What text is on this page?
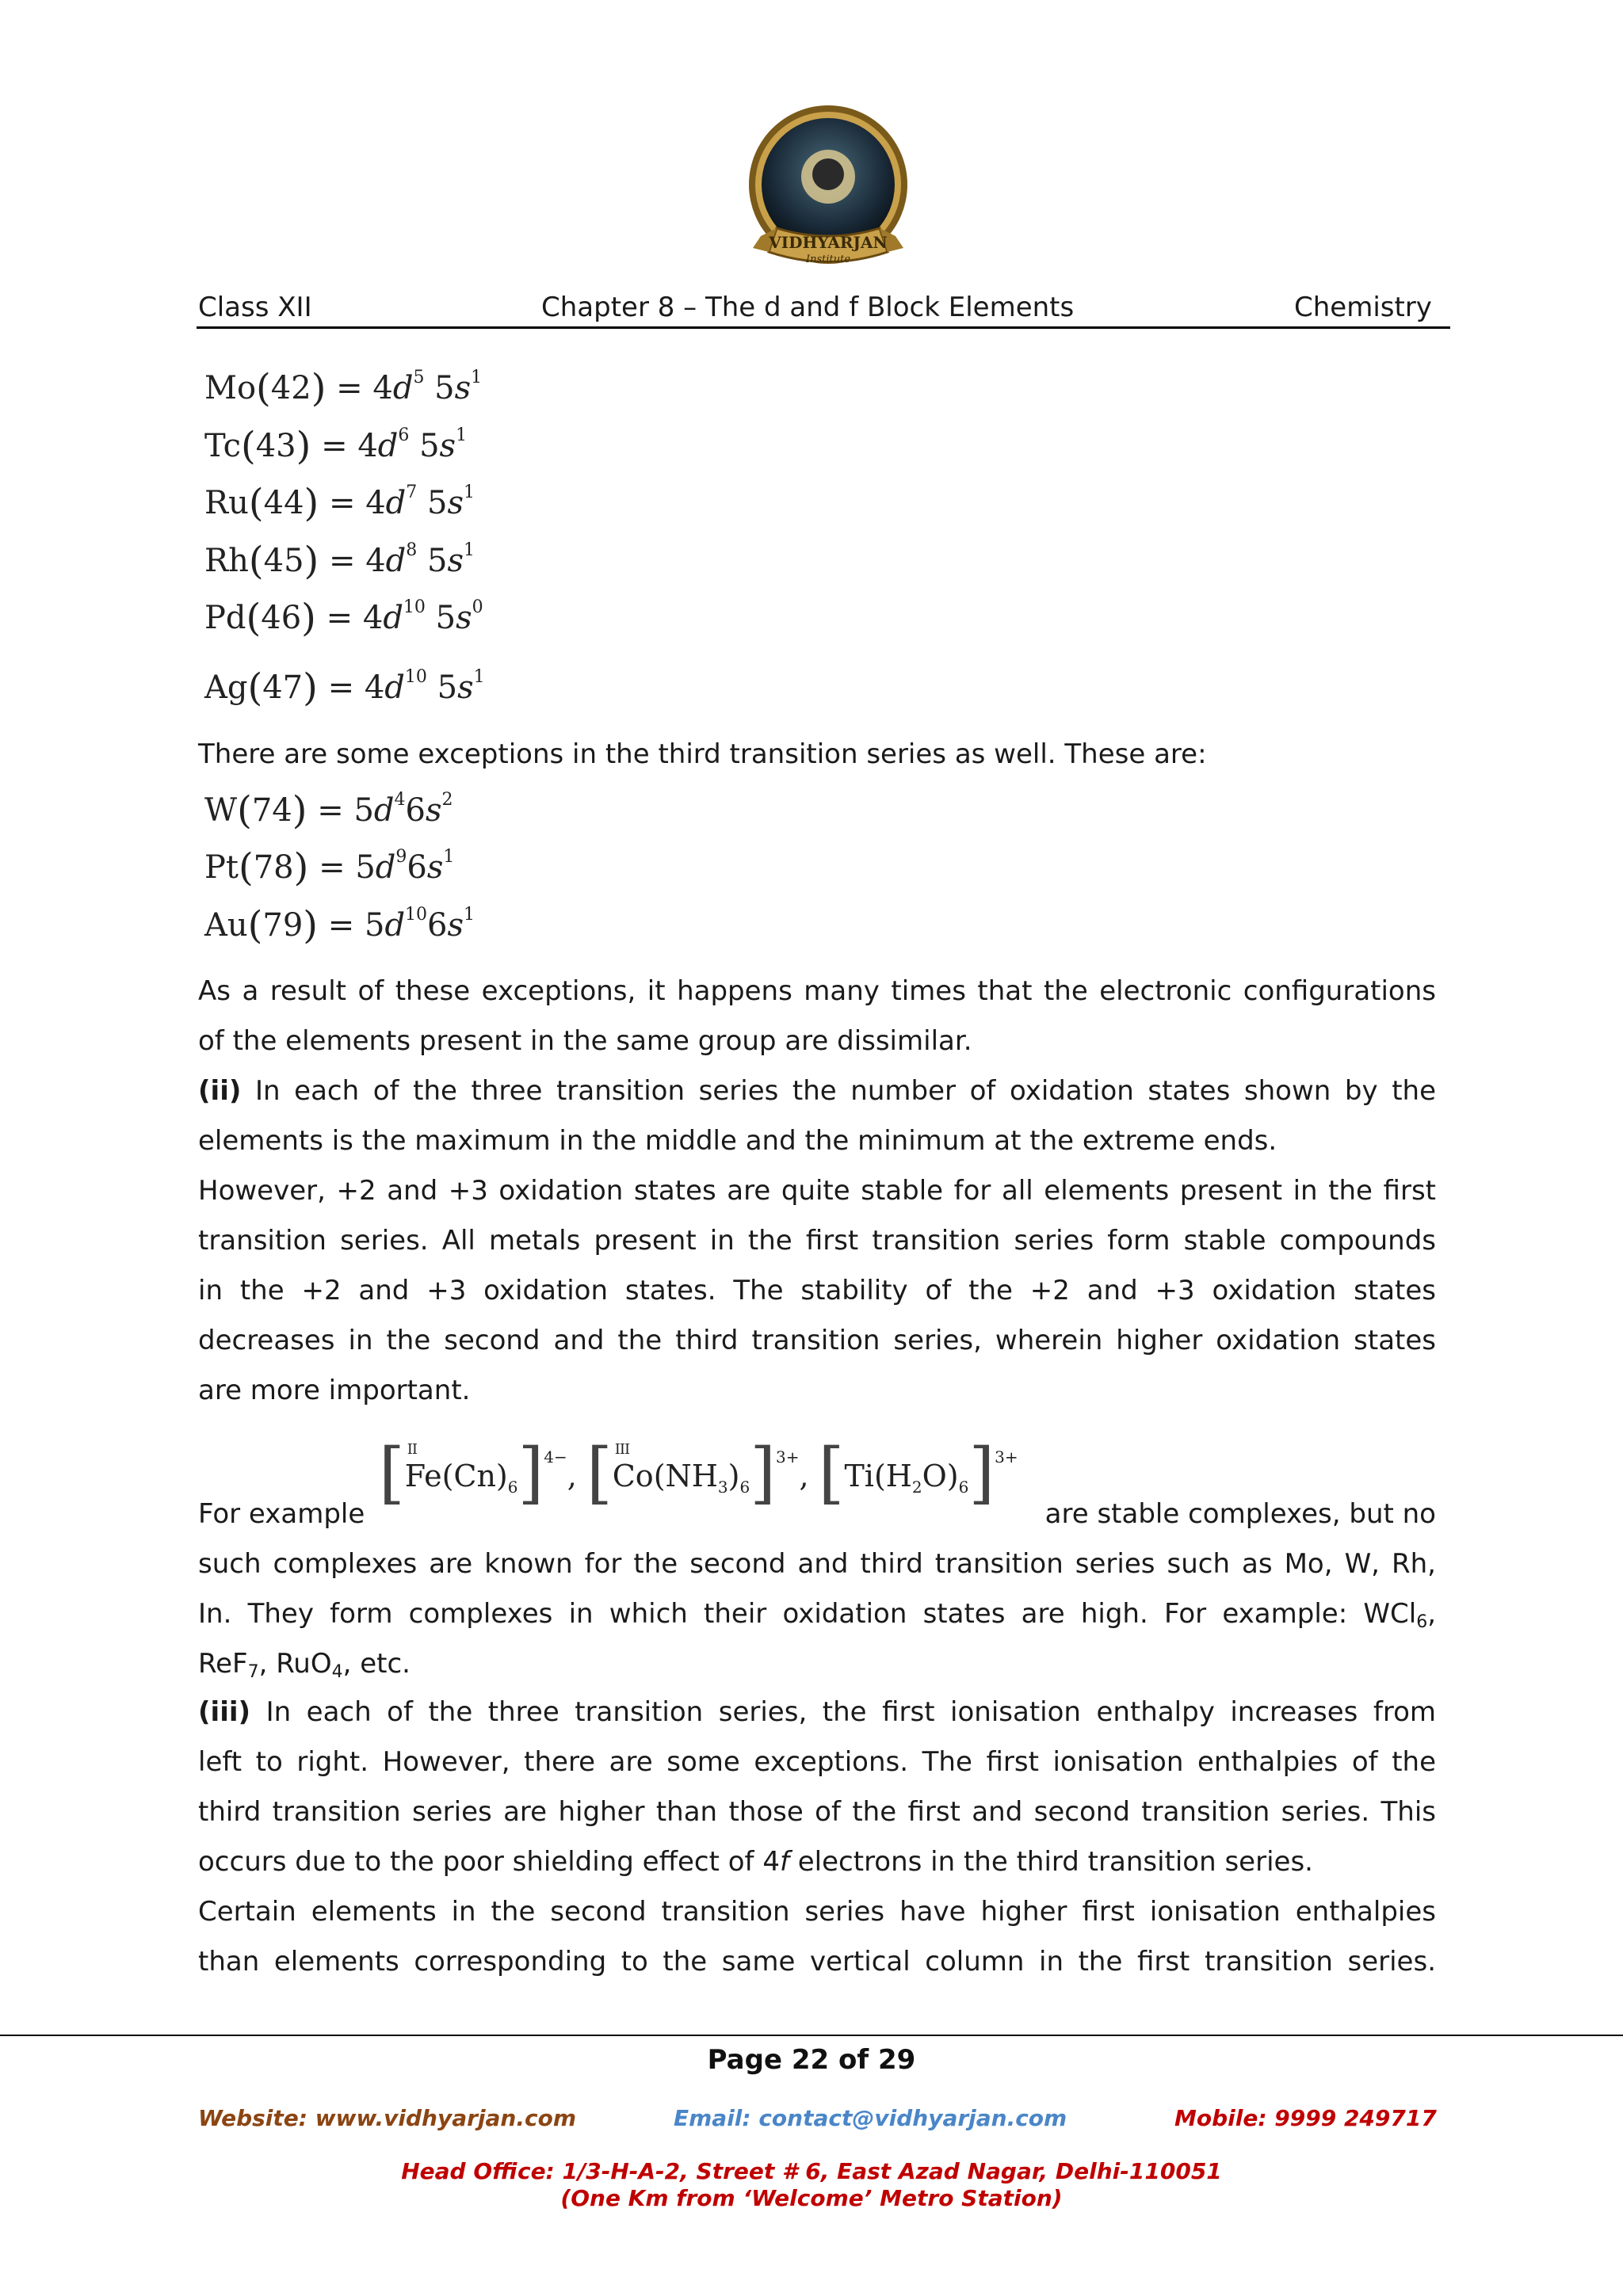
VIDHYARJAN
Institute
Class XII	Chapter 8 – The d and f Block Elements	Chemistry
$Mo(42) = 4d^5$ $5s^1$
$Tc(43) = 4d^6$ $5s^1$
$Ru(44) = 4d^7$ $5s^1$
$Rh(45) = 4d^8$ $5s^1$
$Pd(46) = 4d^{10}$ $5s^0$
$Ag(47) = 4d^{10}$ $5s^1$
There are some exceptions in the third transition series as well. These are:
$W(74) = 5d^46s^2$
$Pt(78) = 5d^96s^1$
$Au(79) = 5d^{10}6s^1$
As a result of these exceptions, it happens many times that the electronic configurations
of the elements present in the same group are dissimilar.
(ii) In each of the three transition series the number of oxidation states shown by the
elements is the maximum in the middle and the minimum at the extreme ends.
However, +2 and +3 oxidation states are quite stable for all elements present in the first
transition series. All metals present in the first transition series form stable compounds
in the +2 and +3 oxidation states. The stability of the +2 and +3 oxidation states
decreases in the second and the third transition series, wherein higher oxidation states
are more important.
[ II
$Fe(Cn)_6]^{4-}$, [ III
$Co(NH_3)_6]^{3+}$, $[Ti(H_2O)_6]^{3+}$
For example	are stable complexes, but no
such complexes are known for the second and third transition series such as Mo, W, Rh,
In. They form complexes in which their oxidation states are high. For example: WCl$_6$,
ReF$_7$, RuO$_4$, etc.
(iii) In each of the three transition series, the first ionisation enthalpy increases from
left to right. However, there are some exceptions. The first ionisation enthalpies of the
third transition series are higher than those of the first and second transition series. This
occurs due to the poor shielding effect of 4f electrons in the third transition series.
Certain elements in the second transition series have higher first ionisation enthalpies
than elements corresponding to the same vertical column in the first transition series.
Page 22 of 29
Website: www.vidhyarjan.com	Email: contact@vidhyarjan.com	Mobile: 9999 249717
Head Office: 1/3-H-A-2, Street # 6, East Azad Nagar, Delhi-110051
(One Km from ‘Welcome’ Metro Station)
